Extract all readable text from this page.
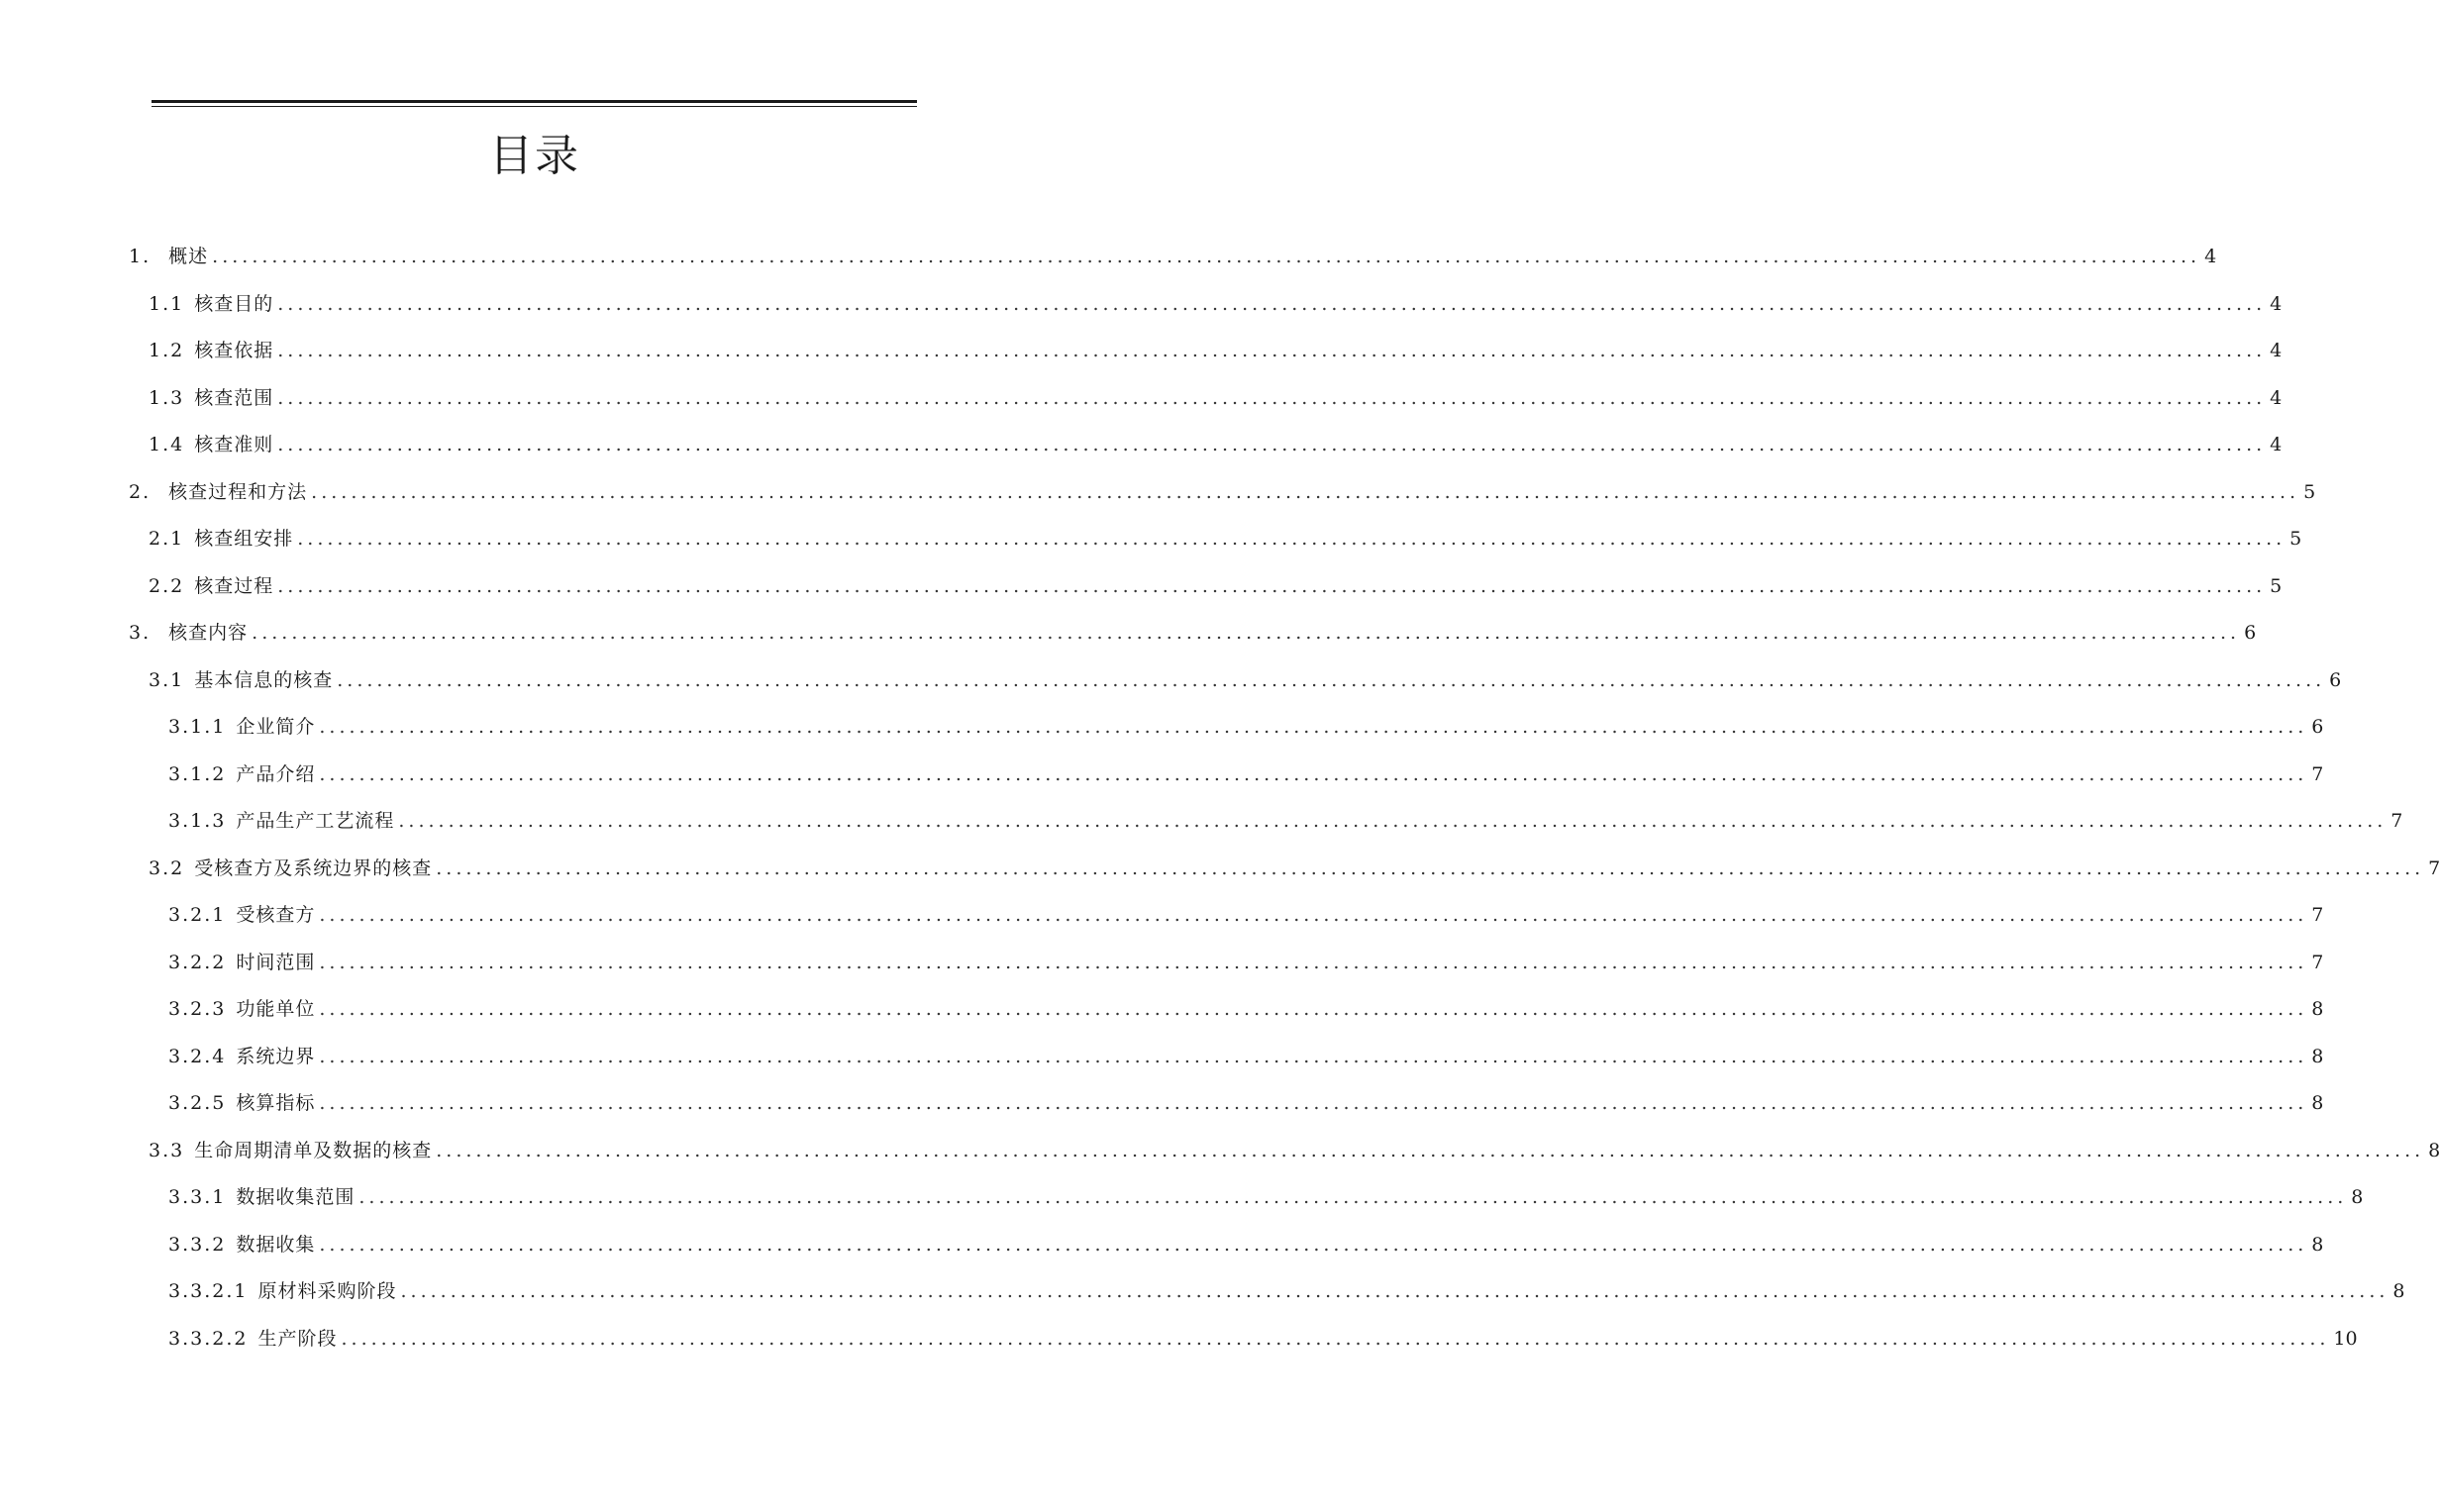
目录
1. 概述 ........................................................................................................................................................................................................ 4
1.1 核查目的 ........................................................................................................................................................................................................ 4
1.2 核查依据 ........................................................................................................................................................................................................ 4
1.3 核查范围 ........................................................................................................................................................................................................ 4
1.4 核查准则 ........................................................................................................................................................................................................ 4
2. 核查过程和方法 ........................................................................................................................................................................................................ 5
2.1 核查组安排 ........................................................................................................................................................................................................ 5
2.2 核查过程 ........................................................................................................................................................................................................ 5
3. 核查内容 ........................................................................................................................................................................................................ 6
3.1 基本信息的核查 ........................................................................................................................................................................................................ 6
3.1.1 企业简介 ........................................................................................................................................................................................................ 6
3.1.2 产品介绍 ........................................................................................................................................................................................................ 7
3.1.3 产品生产工艺流程 ........................................................................................................................................................................................................ 7
3.2 受核查方及系统边界的核查 ........................................................................................................................................................................................................ 7
3.2.1 受核查方 ........................................................................................................................................................................................................ 7
3.2.2 时间范围 ........................................................................................................................................................................................................ 7
3.2.3 功能单位 ........................................................................................................................................................................................................ 8
3.2.4 系统边界 ........................................................................................................................................................................................................ 8
3.2.5 核算指标 ........................................................................................................................................................................................................ 8
3.3 生命周期清单及数据的核查 ........................................................................................................................................................................................................ 8
3.3.1 数据收集范围 ........................................................................................................................................................................................................ 8
3.3.2 数据收集 ........................................................................................................................................................................................................ 8
3.3.2.1 原材料采购阶段 ........................................................................................................................................................................................................ 8
3.3.2.2 生产阶段 ........................................................................................................................................................................................................ 10
